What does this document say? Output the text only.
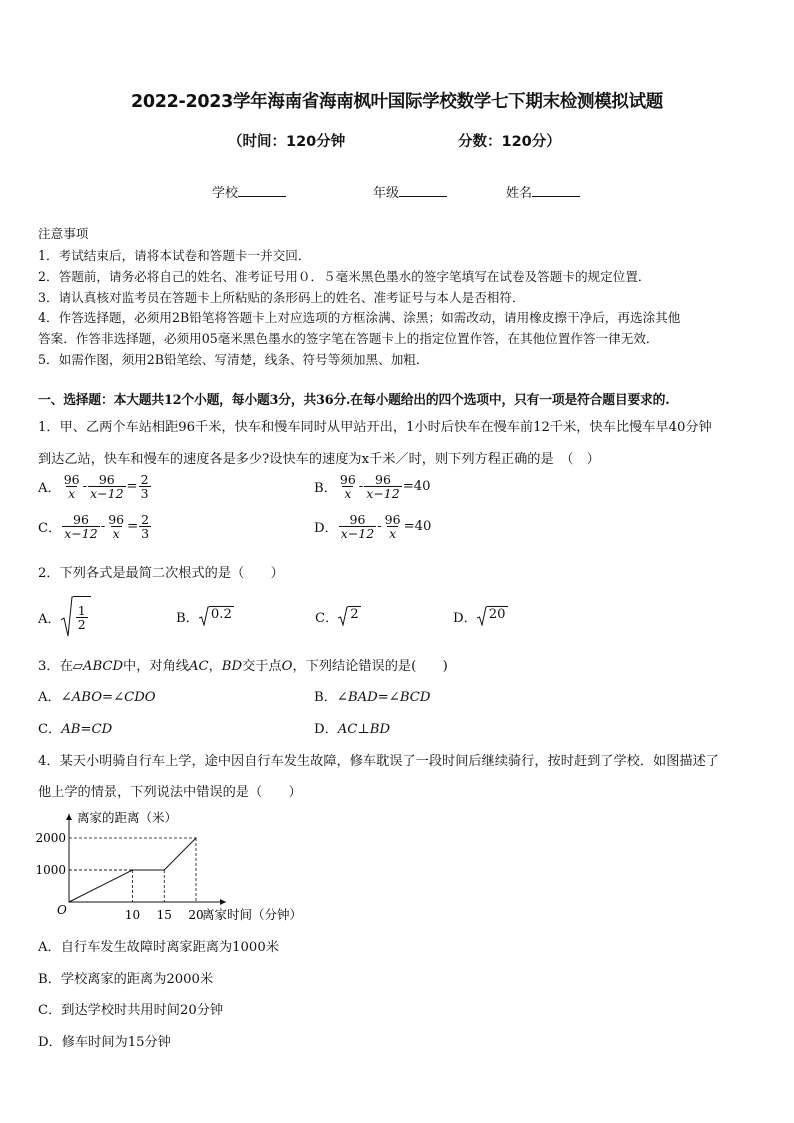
2022-2023学年海南省海南枫叶国际学校数学七下期末检测模拟试题
（时间：120分钟	分数：120分）
学校	年级	姓名
注意事项
1．考试结束后，请将本试卷和答题卡一并交回．
2．答题前，请务必将自己的姓名、准考证号用０．５毫米黑色墨水的签字笔填写在试卷及答题卡的规定位置．
3．请认真核对监考员在答题卡上所粘贴的条形码上的姓名、准考证号与本人是否相符．
4．作答选择题，必须用2B铅笔将答题卡上对应选项的方框涂满、涂黑；如需改动，请用橡皮擦干净后，再选涂其他
答案．作答非选择题，必须用05毫米黑色墨水的签字笔在答题卡上的指定位置作答，在其他位置作答一律无效．
5．如需作图，须用2B铅笔绘、写清楚，线条、符号等须加黑、加粗．
一、选择题：本大题共12个小题，每小题3分，共36分.在每小题给出的四个选项中，只有一项是符合题目要求的.
1．甲、乙两个车站相距96千米，快车和慢车同时从甲站开出，1小时后快车在慢车前12千米，快车比慢车早40分钟
到达乙站，快车和慢车的速度各是多少?设快车的速度为x千米／时，则下列方程正确的是　（　）
A． $\frac{96}{x} - \frac{96}{x-12} = \frac{2}{3}$	B． $\frac{96}{x} - \frac{96}{x-12} =40$
C． $\frac{96}{x-12} - \frac{96}{x} = \frac{2}{3}$	D． $\frac{96}{x-12} - \frac{96}{x} =40$
2．下列各式是最简二次根式的是（　　）
A． $\frac{1}{2}$	B． 0.2	C． 2	D． 20
3．在▱ABCD中，对角线AC，BD交于点O，下列结论错误的是(　　)
A．∠ABO=∠CDO	B．∠BAD=∠BCD
C．AB=CD	D．AC⊥BD
4．某天小明骑自行车上学，途中因自行车发生故障，修车耽误了一段时间后继续骑行，按时赶到了学校．如图描述了
他上学的情景，下列说法中错误的是（　　）
离家的距离（米）
离家时间（分钟）
O
1000
2000
10 15 20
A．自行车发生故障时离家距离为1000米
B．学校离家的距离为2000米
C．到达学校时共用时间20分钟
D．修车时间为15分钟
